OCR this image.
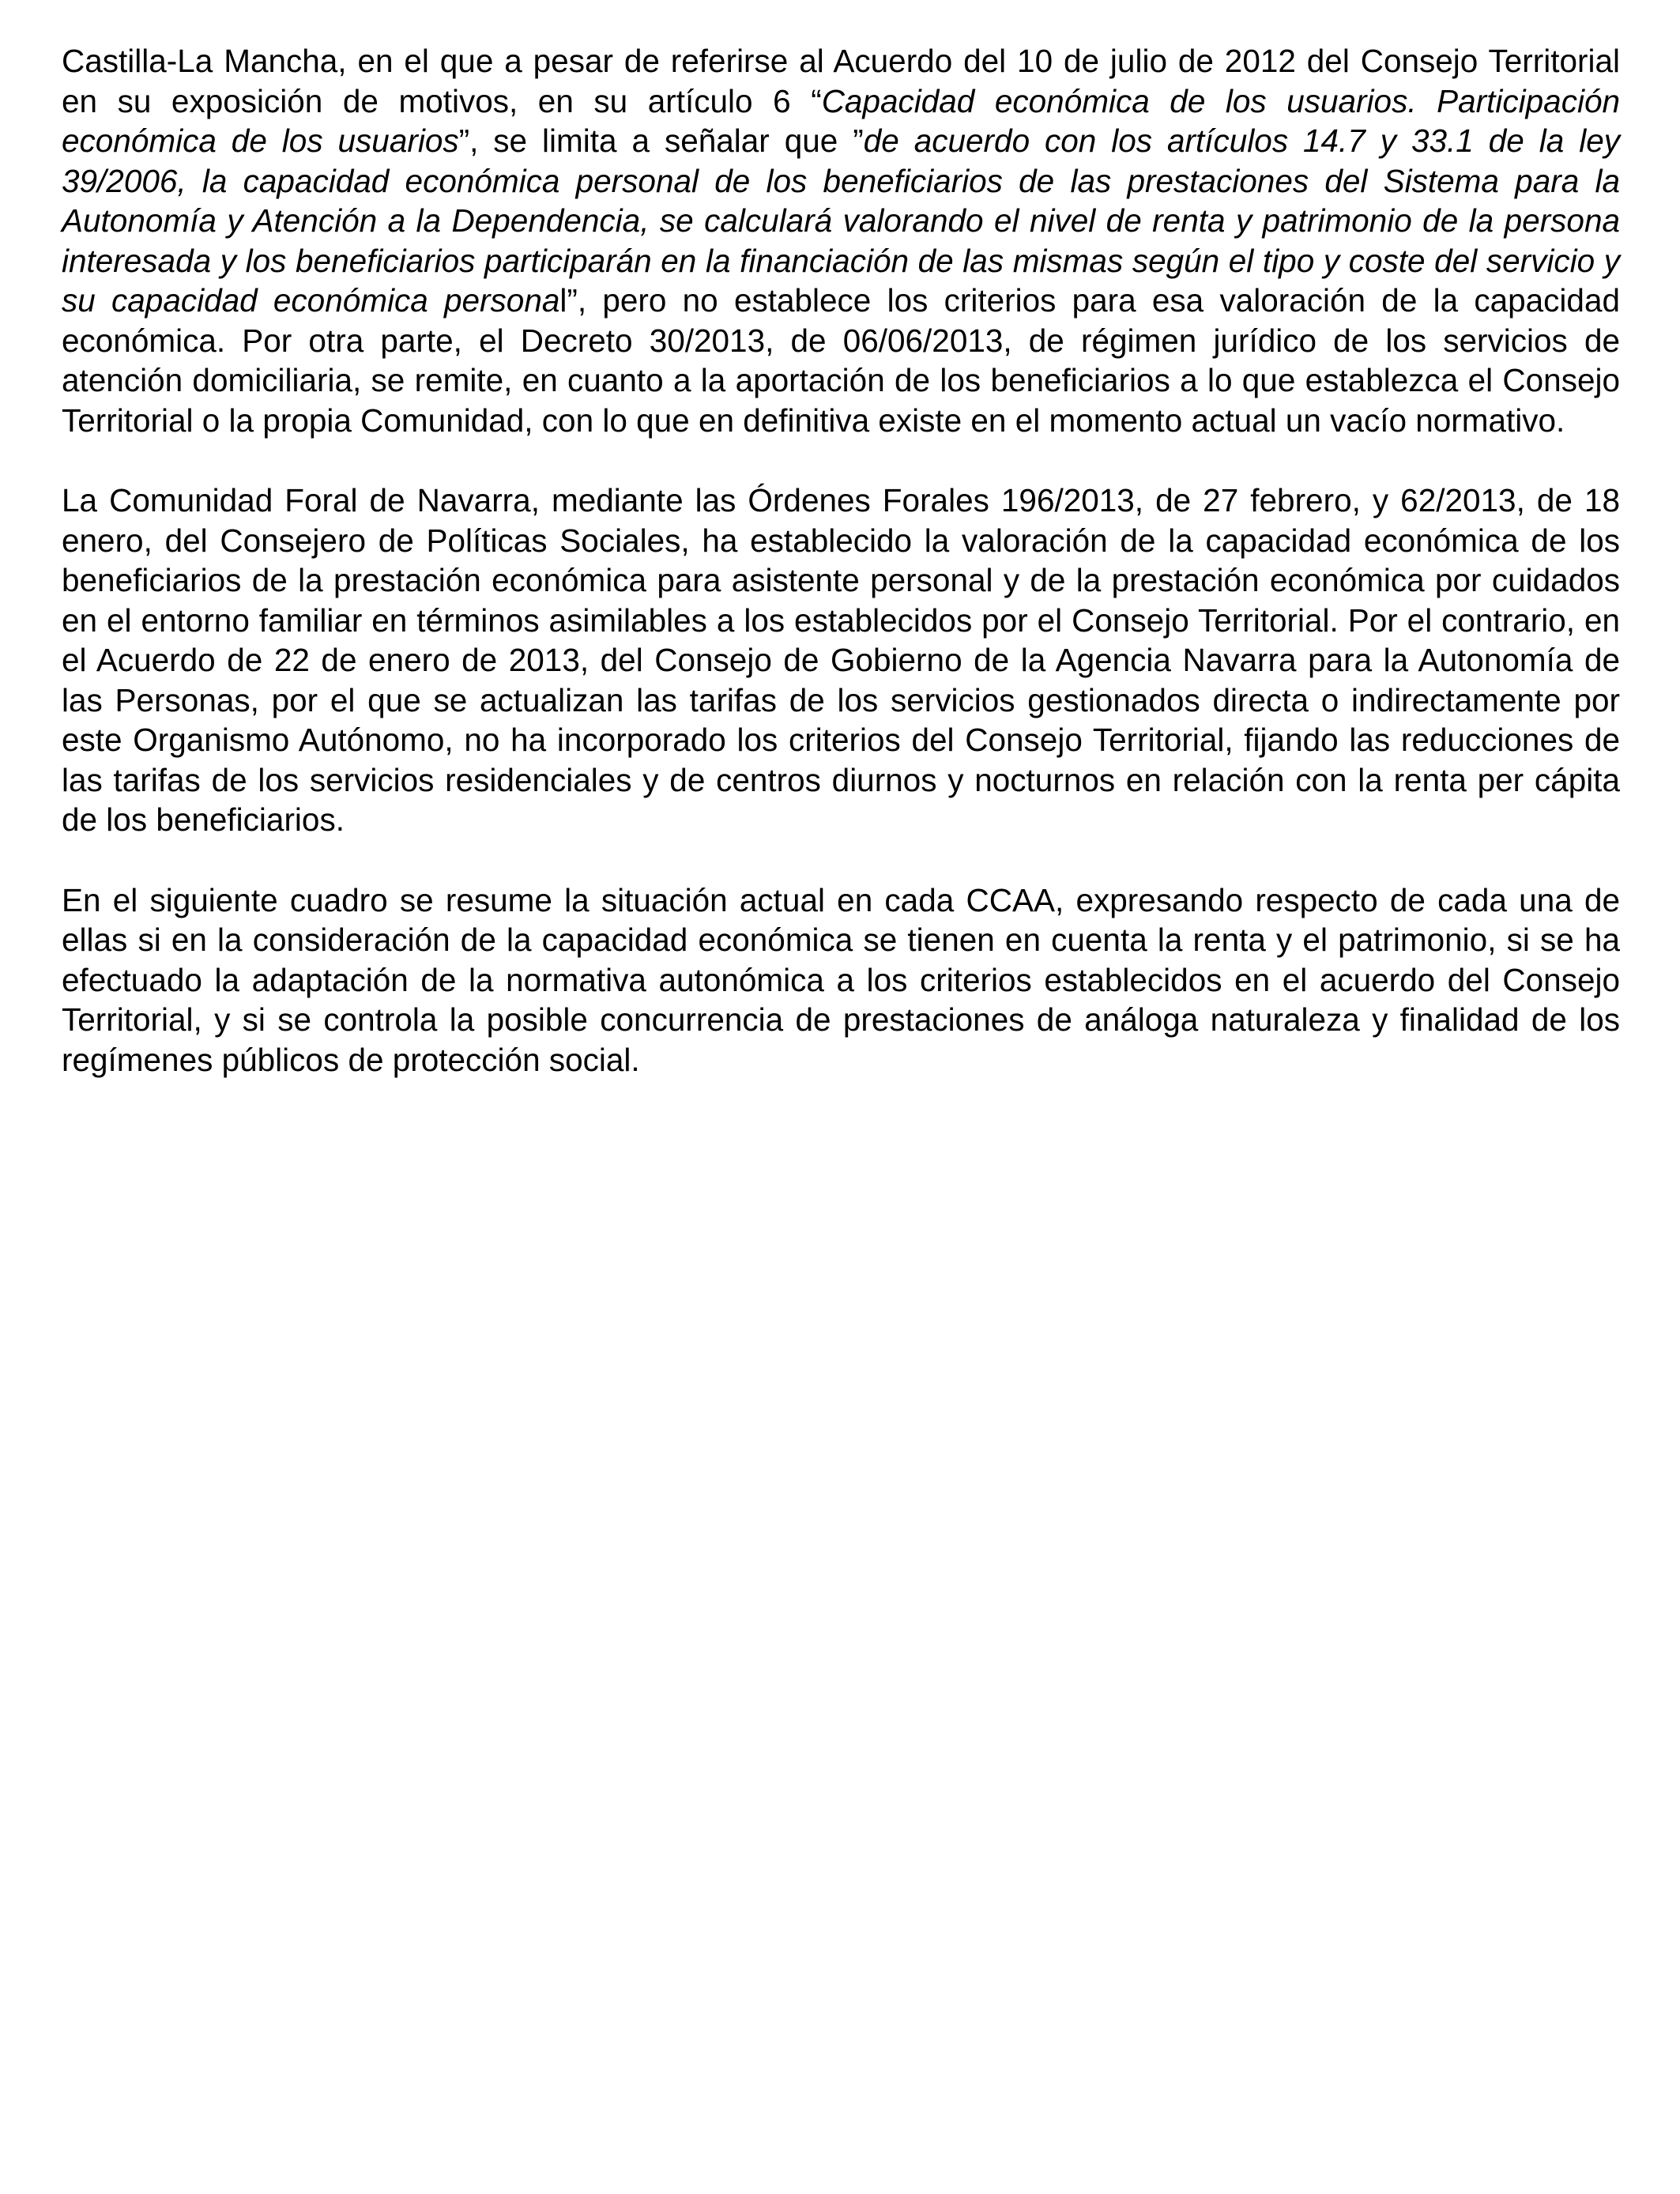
Castilla-La Mancha, en el que a pesar de referirse al Acuerdo del 10 de julio de 2012 del Consejo Territorial en su exposición de motivos, en su artículo 6 “Capacidad económica de los usuarios. Participación económica de los usuarios”, se limita a señalar que ”de acuerdo con los artículos 14.7 y 33.1 de la ley 39/2006, la capacidad económica personal de los beneficiarios de las prestaciones del Sistema para la Autonomía y Atención a la Dependencia, se calculará valorando el nivel de renta y patrimonio de la persona interesada y los beneficiarios participarán en la financiación de las mismas según el tipo y coste del servicio y su capacidad económica personal”, pero no establece los criterios para esa valoración de la capacidad económica. Por otra parte, el Decreto 30/2013, de 06/06/2013, de régimen jurídico de los servicios de atención domiciliaria, se remite, en cuanto a la aportación de los beneficiarios a lo que establezca el Consejo Territorial o la propia Comunidad, con lo que en definitiva existe en el momento actual un vacío normativo.

La Comunidad Foral de Navarra, mediante las Órdenes Forales 196/2013, de 27 febrero, y 62/2013, de 18 enero, del Consejero de Políticas Sociales, ha establecido la valoración de la capacidad económica de los beneficiarios de la prestación económica para asistente personal y de la prestación económica por cuidados en el entorno familiar en términos asimilables a los establecidos por el Consejo Territorial. Por el contrario, en el Acuerdo de 22 de enero de 2013, del Consejo de Gobierno de la Agencia Navarra para la Autonomía de las Personas, por el que se actualizan las tarifas de los servicios gestionados directa o indirectamente por este Organismo Autónomo, no ha incorporado los criterios del Consejo Territorial, fijando las reducciones de las tarifas de los servicios residenciales y de centros diurnos y nocturnos en relación con la renta per cápita de los beneficiarios.

En el siguiente cuadro se resume la situación actual en cada CCAA, expresando respecto de cada una de ellas si en la consideración de la capacidad económica se tienen en cuenta la renta y el patrimonio, si se ha efectuado la adaptación de la normativa autonómica a los criterios establecidos en el acuerdo del Consejo Territorial, y si se controla la posible concurrencia de prestaciones de análoga naturaleza y finalidad de los regímenes públicos de protección social.
